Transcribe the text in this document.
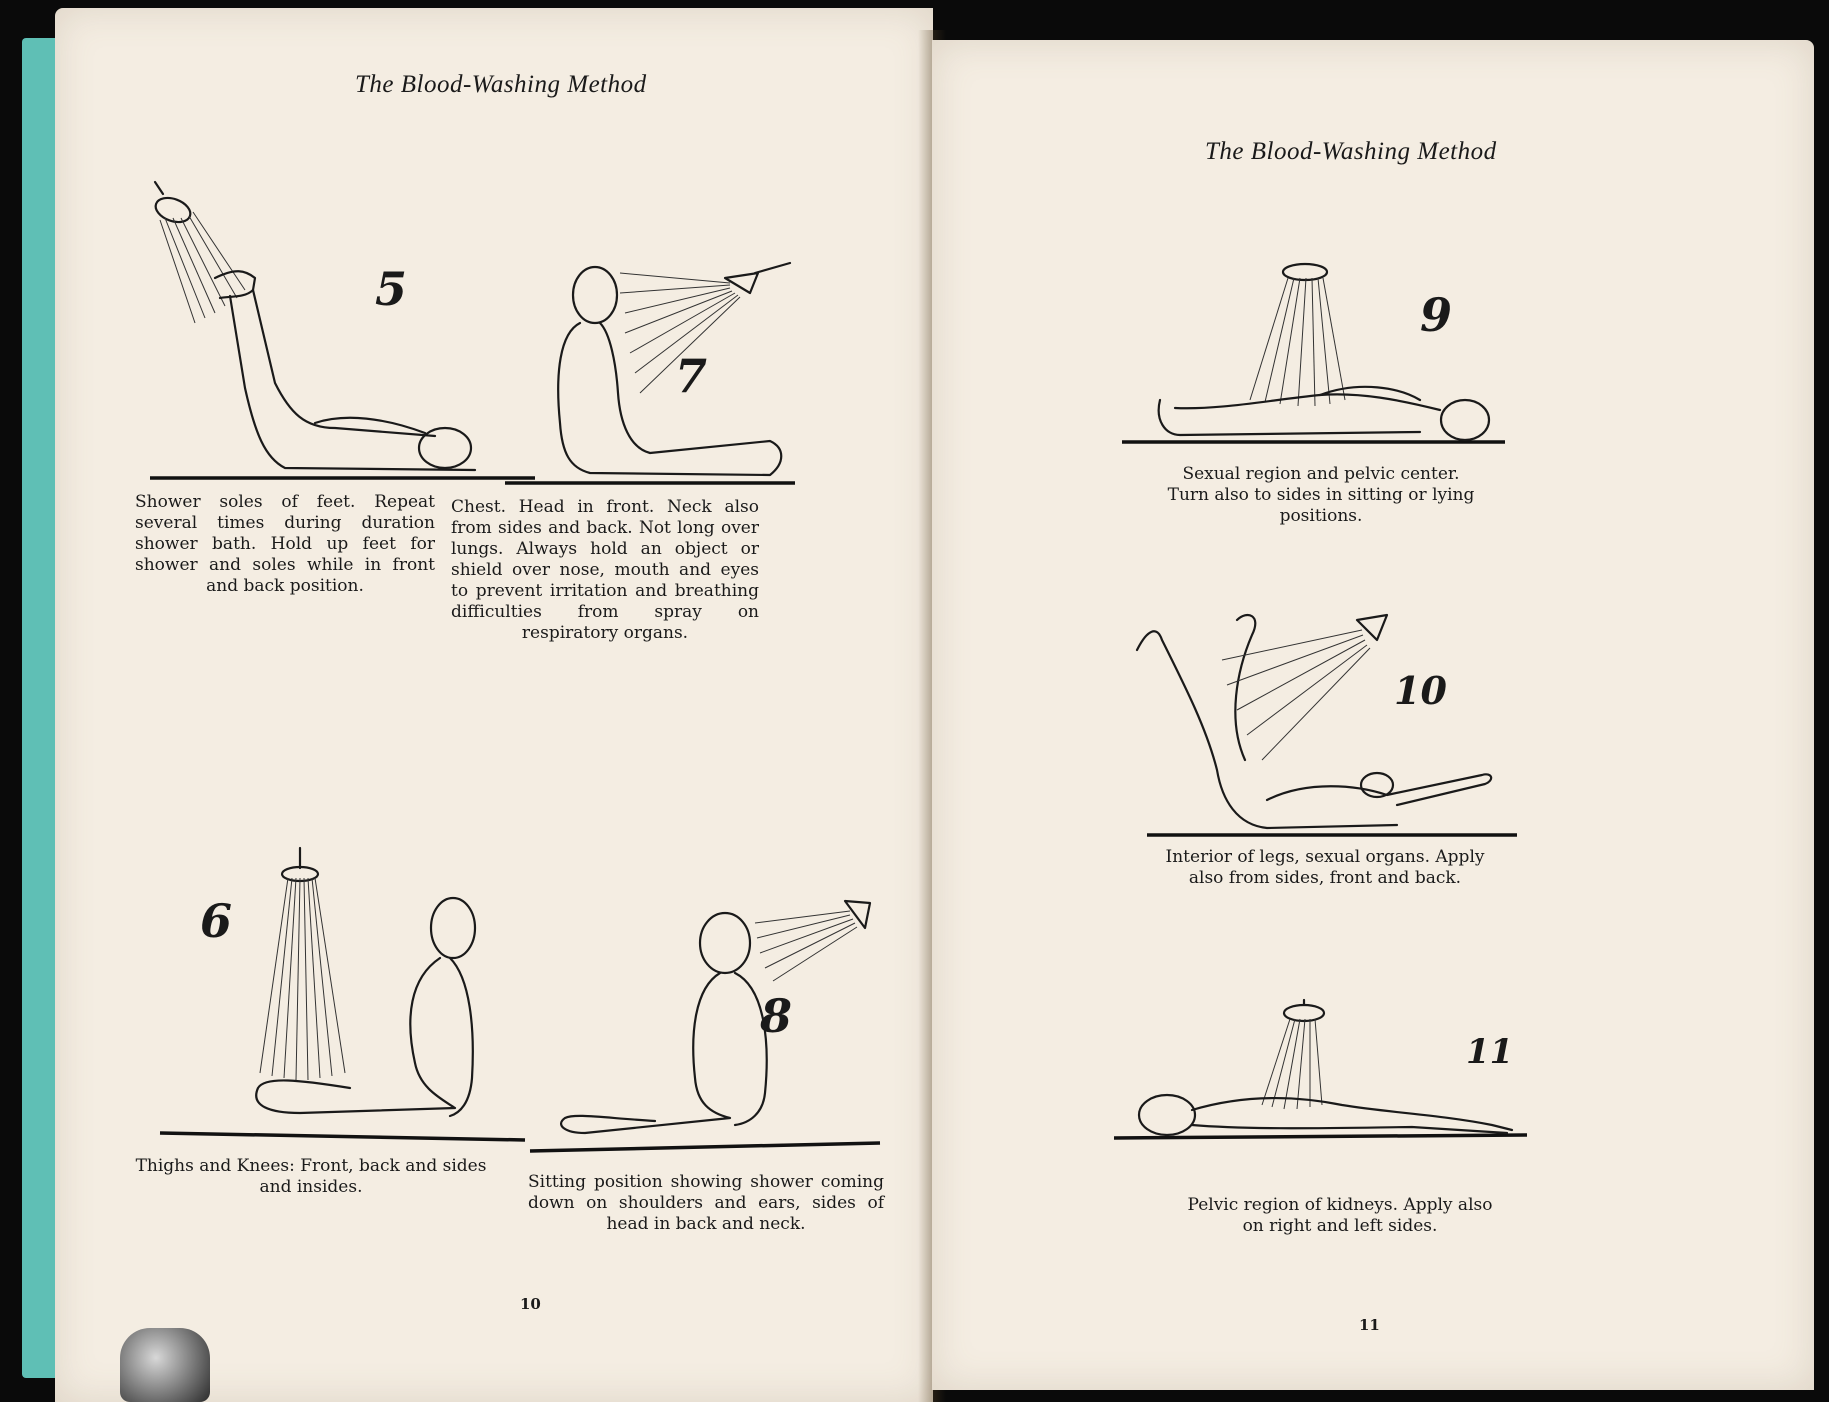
The Blood-Washing Method
5
Shower soles of feet. Repeat several times during duration shower bath. Hold up feet for shower and soles while in front and back position.
7
Chest. Head in front. Neck also from sides and back. Not long over lungs. Always hold an object or shield over nose, mouth and eyes to prevent irritation and breathing difficulties from spray on respiratory organs.
6
Thighs and Knees: Front, back and sides and insides.
8
Sitting position showing shower coming down on shoulders and ears, sides of head in back and neck.
10
The Blood-Washing Method
9
Sexual region and pelvic center. Turn also to sides in sitting or lying positions.
10
Interior of legs, sexual organs. Apply also from sides, front and back.
11
Pelvic region of kidneys. Apply also on right and left sides.
11
